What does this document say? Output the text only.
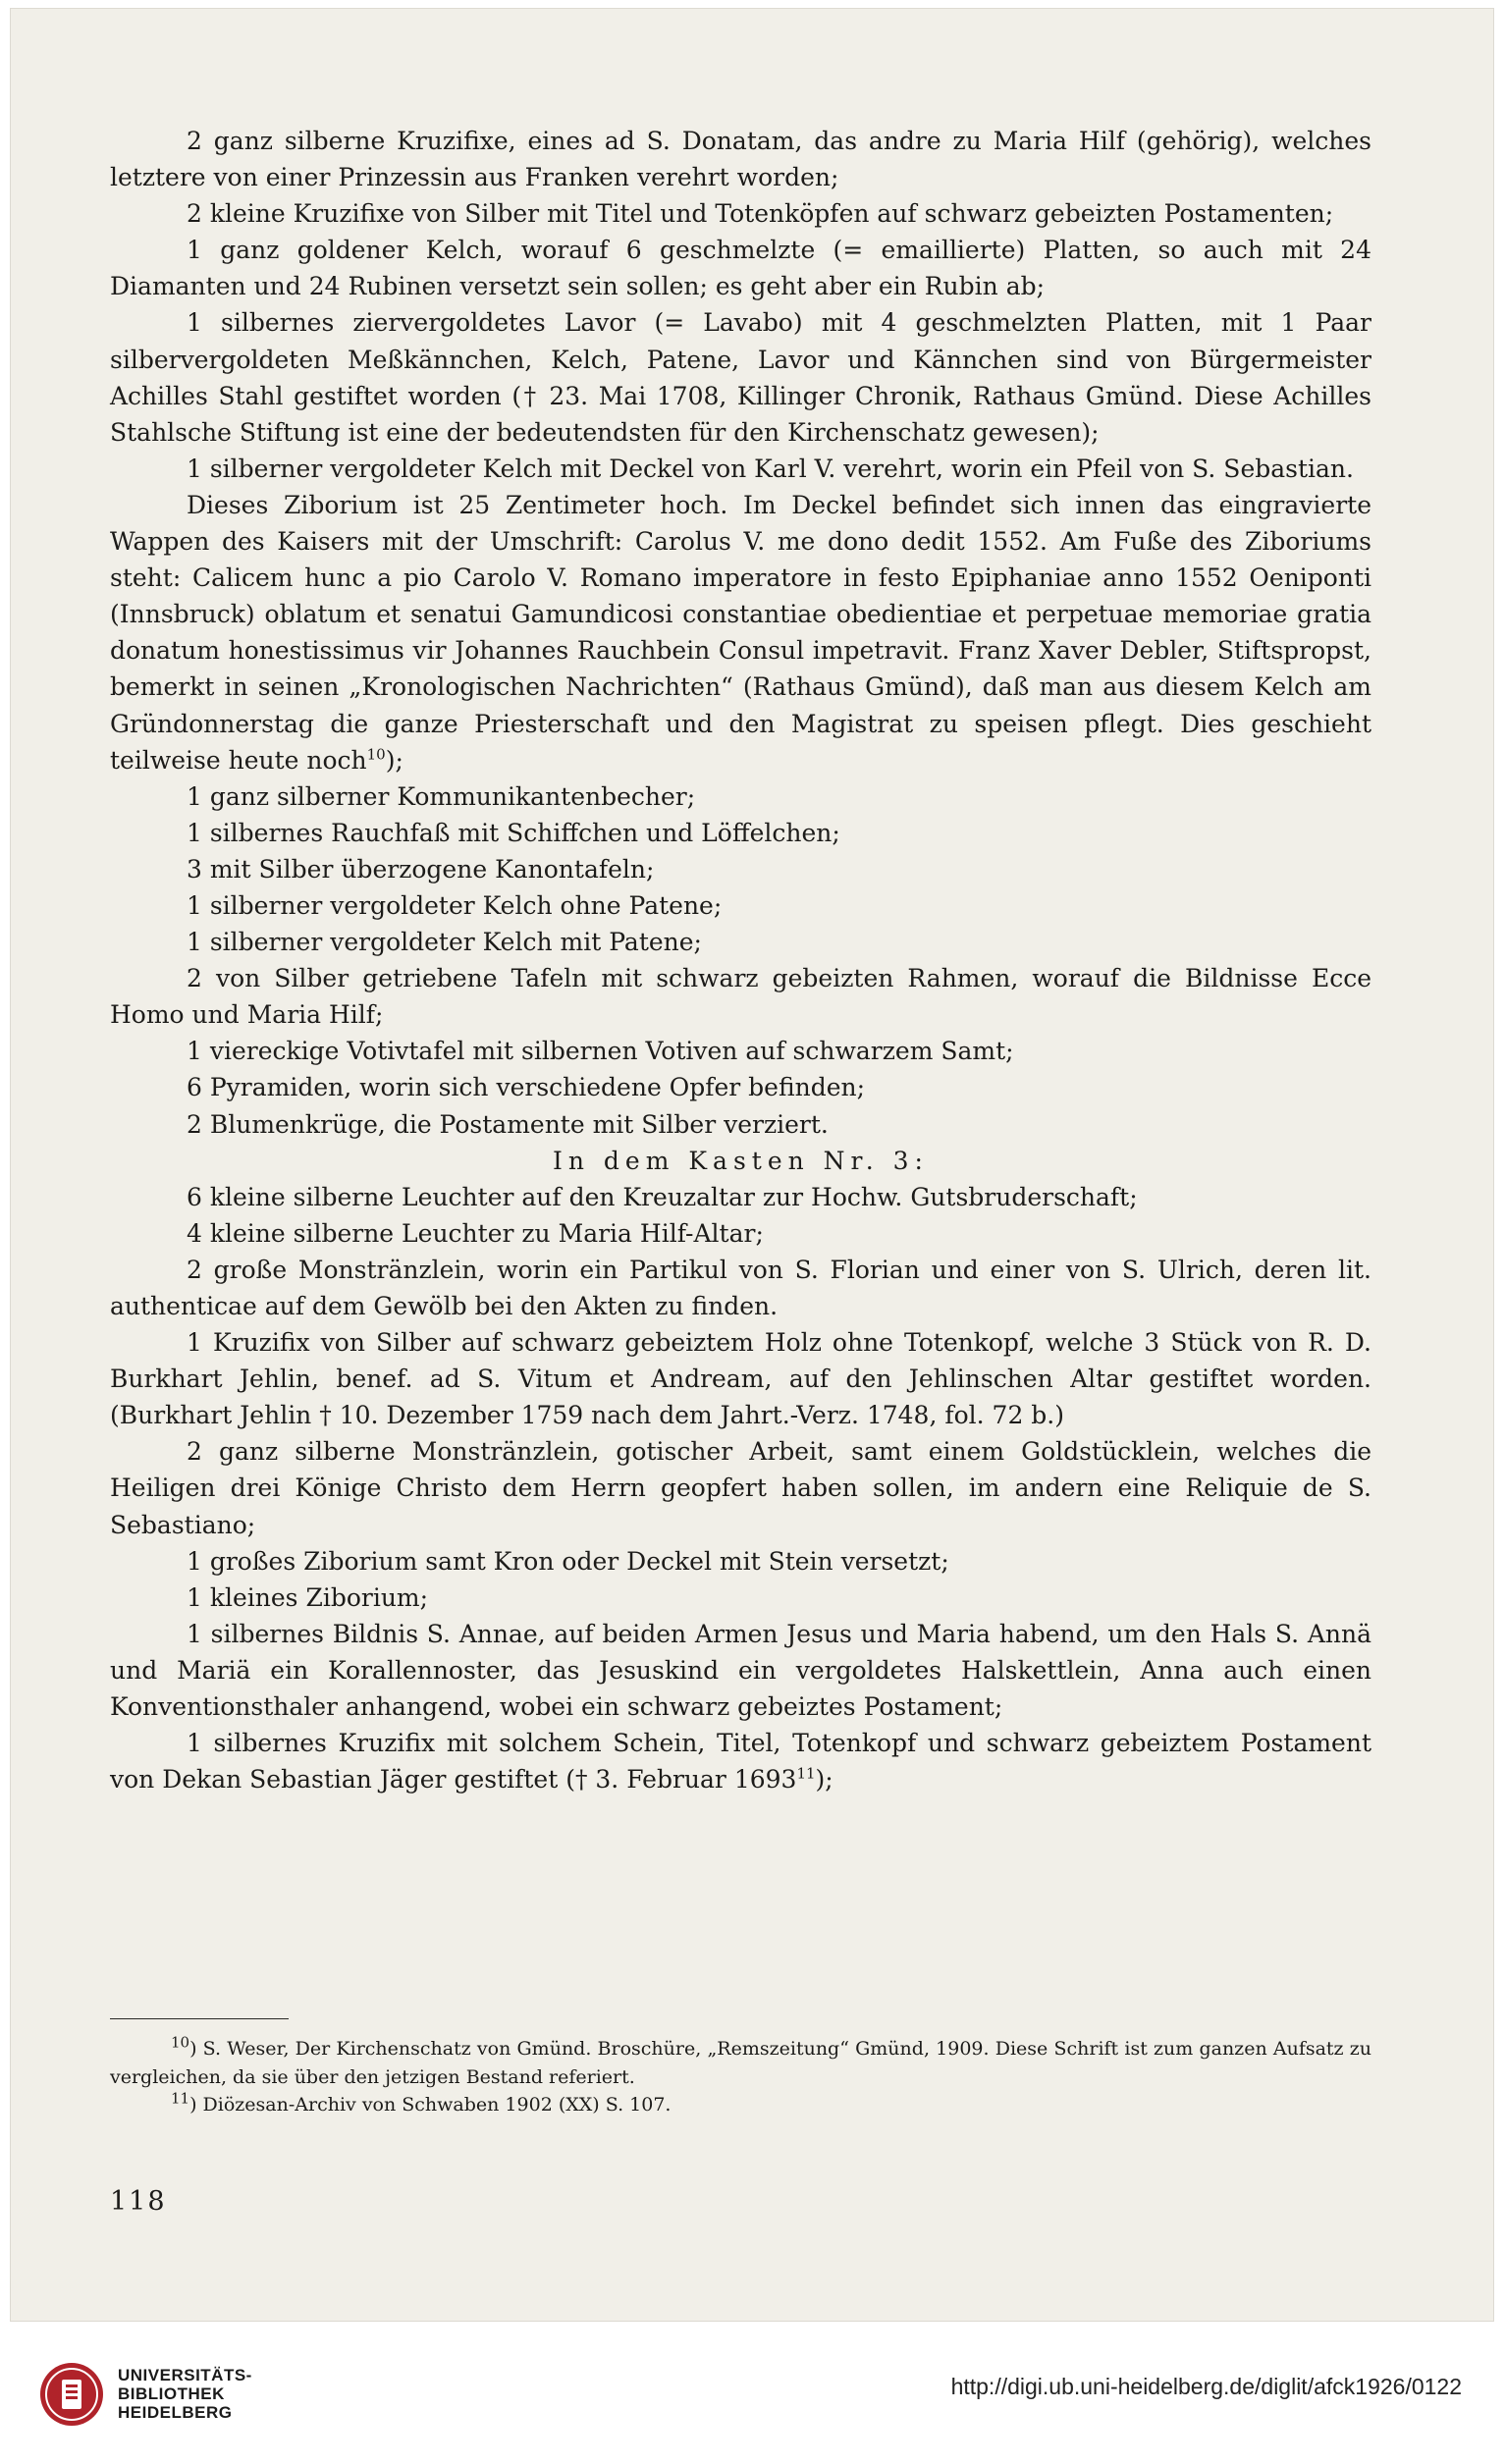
2 ganz silberne Kruzifixe, eines ad S. Donatam, das andre zu Maria Hilf (gehörig), welches letztere von einer Prinzessin aus Franken verehrt worden;

2 kleine Kruzifixe von Silber mit Titel und Totenköpfen auf schwarz gebeizten Postamenten;

1 ganz goldener Kelch, worauf 6 geschmelzte (= emaillierte) Platten, so auch mit 24 Diamanten und 24 Rubinen versetzt sein sollen; es geht aber ein Rubin ab;

1 silbernes ziervergoldetes Lavor (= Lavabo) mit 4 geschmelzten Platten, mit 1 Paar silbervergoldeten Meßkännchen, Kelch, Patene, Lavor und Kännchen sind von Bürgermeister Achilles Stahl gestiftet worden († 23. Mai 1708, Killinger Chronik, Rathaus Gmünd. Diese Achilles Stahlsche Stiftung ist eine der bedeutendsten für den Kirchenschatz gewesen);

1 silberner vergoldeter Kelch mit Deckel von Karl V. verehrt, worin ein Pfeil von S. Sebastian.

Dieses Ziborium ist 25 Zentimeter hoch. Im Deckel befindet sich innen das eingravierte Wappen des Kaisers mit der Umschrift: Carolus V. me dono dedit 1552. Am Fuße des Ziboriums steht: Calicem hunc a pio Carolo V. Romano imperatore in festo Epiphaniae anno 1552 Oeniponti (Innsbruck) oblatum et senatui Gamundicosi constantiae obedientiae et perpetuae memoriae gratia donatum honestissimus vir Johannes Rauchbein Consul impetravit. Franz Xaver Debler, Stiftspropst, bemerkt in seinen „Kronologischen Nachrichten“ (Rathaus Gmünd), daß man aus diesem Kelch am Gründonnerstag die ganze Priesterschaft und den Magistrat zu speisen pflegt. Dies geschieht teilweise heute noch$^{10}$);

1 ganz silberner Kommunikantenbecher;

1 silbernes Rauchfaß mit Schiffchen und Löffelchen;

3 mit Silber überzogene Kanontafeln;

1 silberner vergoldeter Kelch ohne Patene;

1 silberner vergoldeter Kelch mit Patene;

2 von Silber getriebene Tafeln mit schwarz gebeizten Rahmen, worauf die Bildnisse Ecce Homo und Maria Hilf;

1 viereckige Votivtafel mit silbernen Votiven auf schwarzem Samt;

6 Pyramiden, worin sich verschiedene Opfer befinden;

2 Blumenkrüge, die Postamente mit Silber verziert.

In dem Kasten Nr. 3:

6 kleine silberne Leuchter auf den Kreuzaltar zur Hochw. Gutsbruderschaft;

4 kleine silberne Leuchter zu Maria Hilf-Altar;

2 große Monstränzlein, worin ein Partikul von S. Florian und einer von S. Ulrich, deren lit. authenticae auf dem Gewölb bei den Akten zu finden.

1 Kruzifix von Silber auf schwarz gebeiztem Holz ohne Totenkopf, welche 3 Stück von R. D. Burkhart Jehlin, benef. ad S. Vitum et Andream, auf den Jehlinschen Altar gestiftet worden. (Burkhart Jehlin † 10. Dezember 1759 nach dem Jahrt.-Verz. 1748, fol. 72 b.)

2 ganz silberne Monstränzlein, gotischer Arbeit, samt einem Goldstücklein, welches die Heiligen drei Könige Christo dem Herrn geopfert haben sollen, im andern eine Reliquie de S. Sebastiano;

1 großes Ziborium samt Kron oder Deckel mit Stein versetzt;

1 kleines Ziborium;

1 silbernes Bildnis S. Annae, auf beiden Armen Jesus und Maria habend, um den Hals S. Annä und Mariä ein Korallennoster, das Jesuskind ein vergoldetes Halskettlein, Anna auch einen Konventionsthaler anhangend, wobei ein schwarz gebeiztes Postament;

1 silbernes Kruzifix mit solchem Schein, Titel, Totenkopf und schwarz gebeiztem Postament von Dekan Sebastian Jäger gestiftet († 3. Februar 1693$^{11}$);

$^{10}$) S. Weser, Der Kirchenschatz von Gmünd. Broschüre, „Remszeitung“ Gmünd, 1909. Diese Schrift ist zum ganzen Aufsatz zu vergleichen, da sie über den jetzigen Bestand referiert.

$^{11}$) Diözesan-Archiv von Schwaben 1902 (XX) S. 107.

118
UNIVERSITÄTS-
BIBLIOTHEK
HEIDELBERG
http://digi.ub.uni-heidelberg.de/diglit/afck1926/0122
